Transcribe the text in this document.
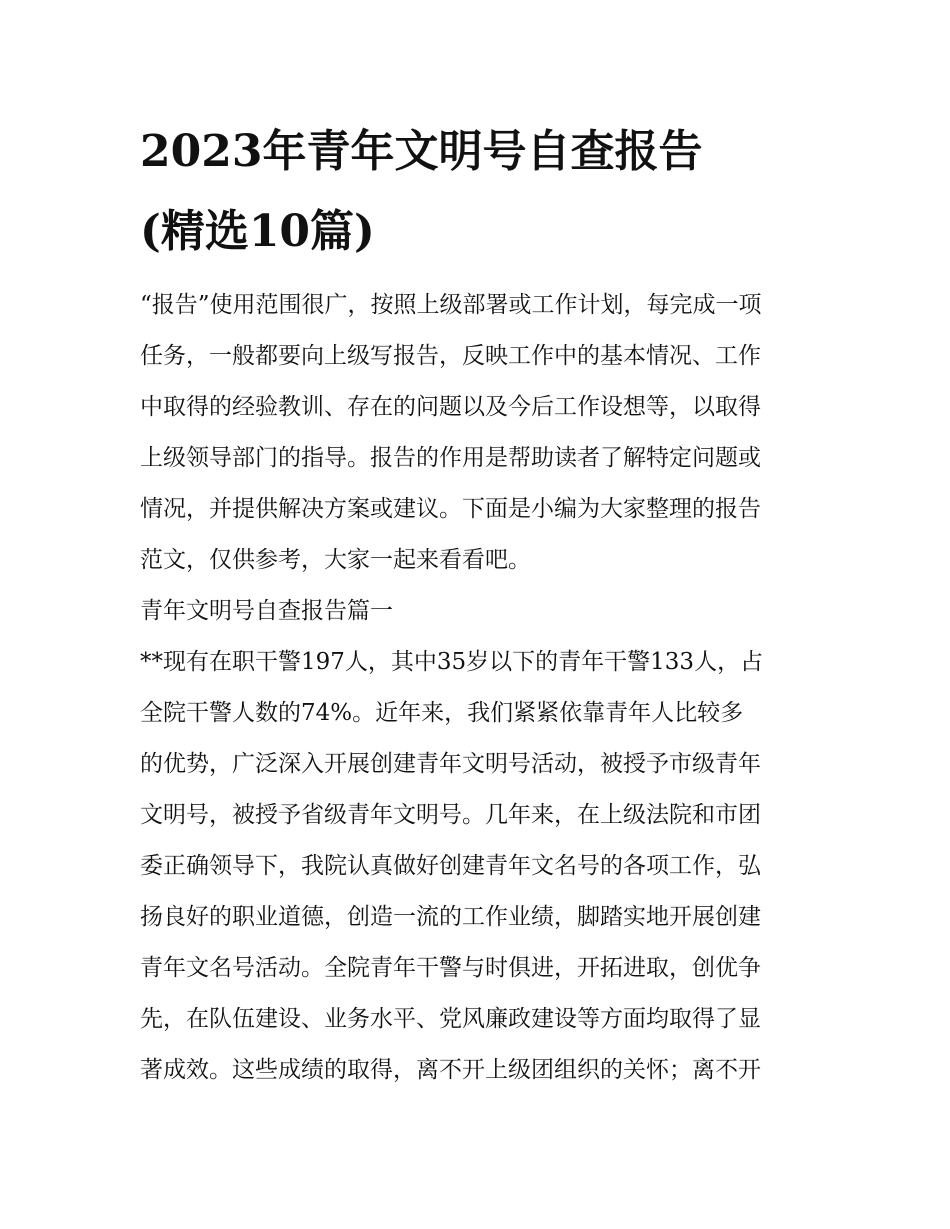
2023年青年文明号自查报告
(精选10篇)
“报告”使用范围很广，按照上级部署或工作计划，每完成一项
任务，一般都要向上级写报告，反映工作中的基本情况、工作
中取得的经验教训、存在的问题以及今后工作设想等，以取得
上级领导部门的指导。报告的作用是帮助读者了解特定问题或
情况，并提供解决方案或建议。下面是小编为大家整理的报告
范文，仅供参考，大家一起来看看吧。
青年文明号自查报告篇一
**现有在职干警197人，其中35岁以下的青年干警133人，占
全院干警人数的74%。近年来，我们紧紧依靠青年人比较多
的优势，广泛深入开展创建青年文明号活动，被授予市级青年
文明号，被授予省级青年文明号。几年来，在上级法院和市团
委正确领导下，我院认真做好创建青年文名号的各项工作，弘
扬良好的职业道德，创造一流的工作业绩，脚踏实地开展创建
青年文名号活动。全院青年干警与时俱进，开拓进取，创优争
先，在队伍建设、业务水平、党风廉政建设等方面均取得了显
著成效。这些成绩的取得，离不开上级团组织的关怀；离不开
